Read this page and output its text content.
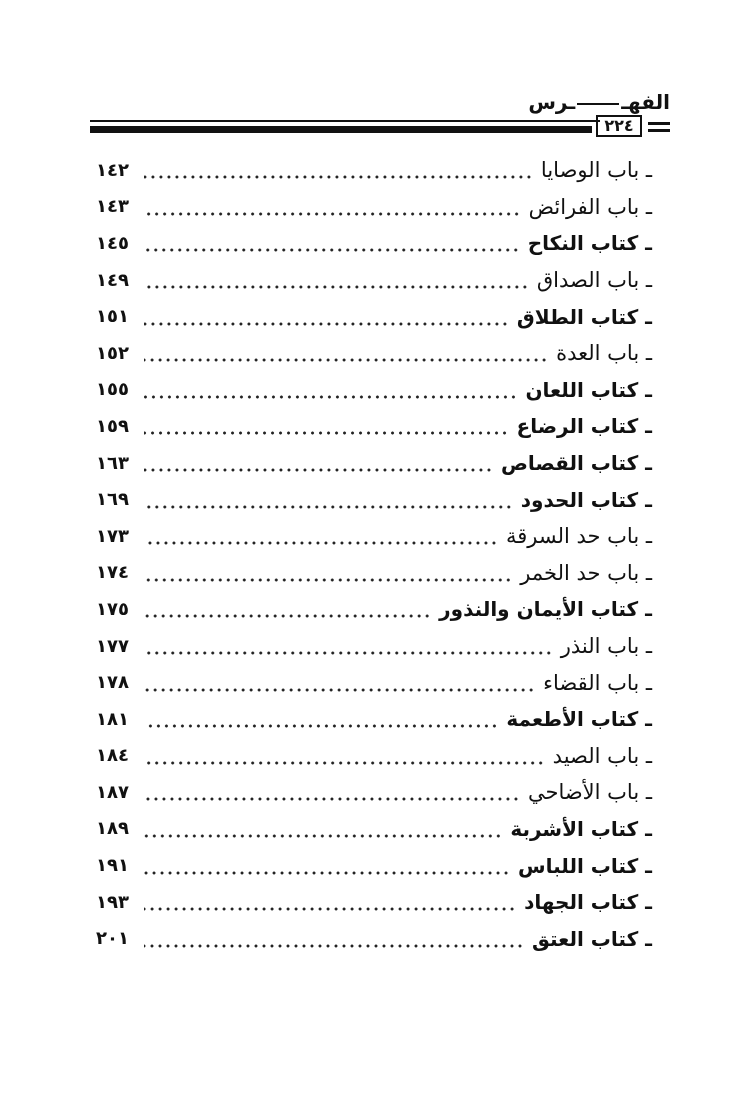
الفهــرس
٢٢٤
ـ باب الوصايا
١٤٢
ـ باب الفرائض
١٤٣
ـ كتاب النكاح
١٤٥
ـ باب الصداق
١٤٩
ـ كتاب الطلاق
١٥١
ـ باب العدة
١٥٢
ـ كتاب اللعان
١٥٥
ـ كتاب الرضاع
١٥٩
ـ كتاب القصاص
١٦٣
ـ كتاب الحدود
١٦٩
ـ باب حد السرقة
١٧٣
ـ باب حد الخمر
١٧٤
ـ كتاب الأيمان والنذور
١٧٥
ـ باب النذر
١٧٧
ـ باب القضاء
١٧٨
ـ كتاب الأطعمة
١٨١
ـ باب الصيد
١٨٤
ـ باب الأضاحي
١٨٧
ـ كتاب الأشربة
١٨٩
ـ كتاب اللباس
١٩١
ـ كتاب الجهاد
١٩٣
ـ كتاب العتق
٢٠١
